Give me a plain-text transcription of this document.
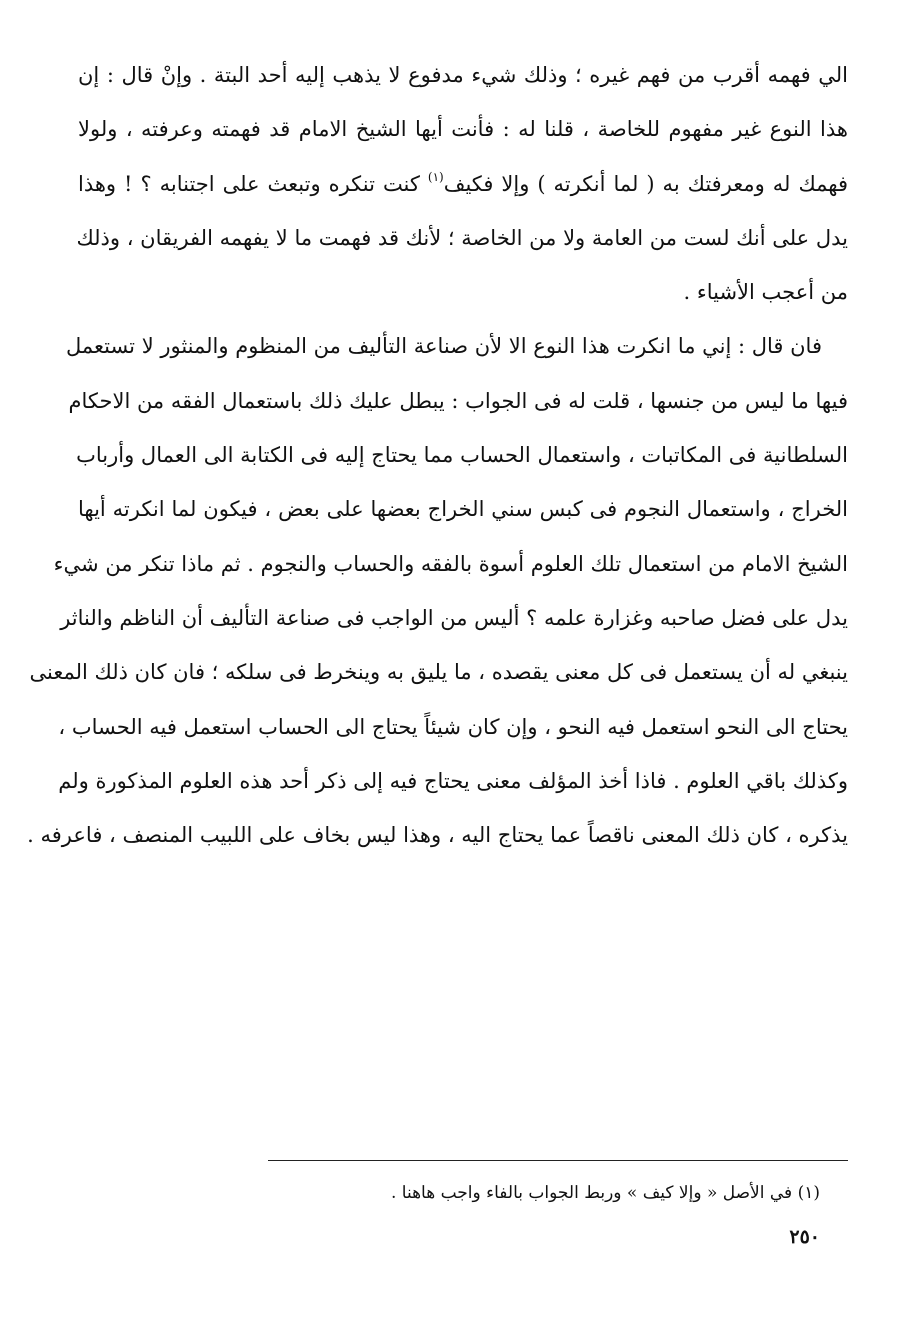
الي فهمه أقرب من فهم غيره ؛ وذلك شيء مدفوع لا يذهب إليه أحد البتة . وإنْ قال : إن
هذا النوع غير مفهوم للخاصة ، قلنا له : فأنت أيها الشيخ الامام قد فهمته وعرفته ، ولولا
فهمك له ومعرفتك به ( لما أنكرته ) وإلا فكيف$^{(١)}$ كنت تنكره وتبعث على اجتنابه ؟ ! وهذا
يدل على أنك لست من العامة ولا من الخاصة ؛ لأنك قد فهمت ما لا يفهمه الفريقان ، وذلك
من أعجب الأشياء .
فان قال : إني ما انكرت هذا النوع الا لأن صناعة التأليف من المنظوم والمنثور لا تستعمل
فيها ما ليس من جنسها ، قلت له فى الجواب : يبطل عليك ذلك باستعمال الفقه من الاحكام
السلطانية فى المكاتبات ، واستعمال الحساب مما يحتاج إليه فى الكتابة الى العمال وأرباب
الخراج ، واستعمال النجوم فى كبس سني الخراج بعضها على بعض ، فيكون لما انكرته أيها
الشيخ الامام من استعمال تلك العلوم أسوة بالفقه والحساب والنجوم . ثم ماذا تنكر من شيء
يدل على فضل صاحبه وغزارة علمه ؟ أليس من الواجب فى صناعة التأليف أن الناظم والناثر
ينبغي له أن يستعمل فى كل معنى يقصده ، ما يليق به وينخرط فى سلكه ؛ فان كان ذلك المعنى
يحتاج الى النحو استعمل فيه النحو ، وإن كان شيئاً يحتاج الى الحساب استعمل فيه الحساب ،
وكذلك باقي العلوم . فاذا أخذ المؤلف معنى يحتاج فيه إلى ذكر أحد هذه العلوم المذكورة ولم
يذكره ، كان ذلك المعنى ناقصاً عما يحتاج اليه ، وهذا ليس بخاف على اللبيب المنصف ، فاعرفه .
(١) في الأصل « وإلا كيف » وربط الجواب بالفاء واجب هاهنا .
٢٥٠
